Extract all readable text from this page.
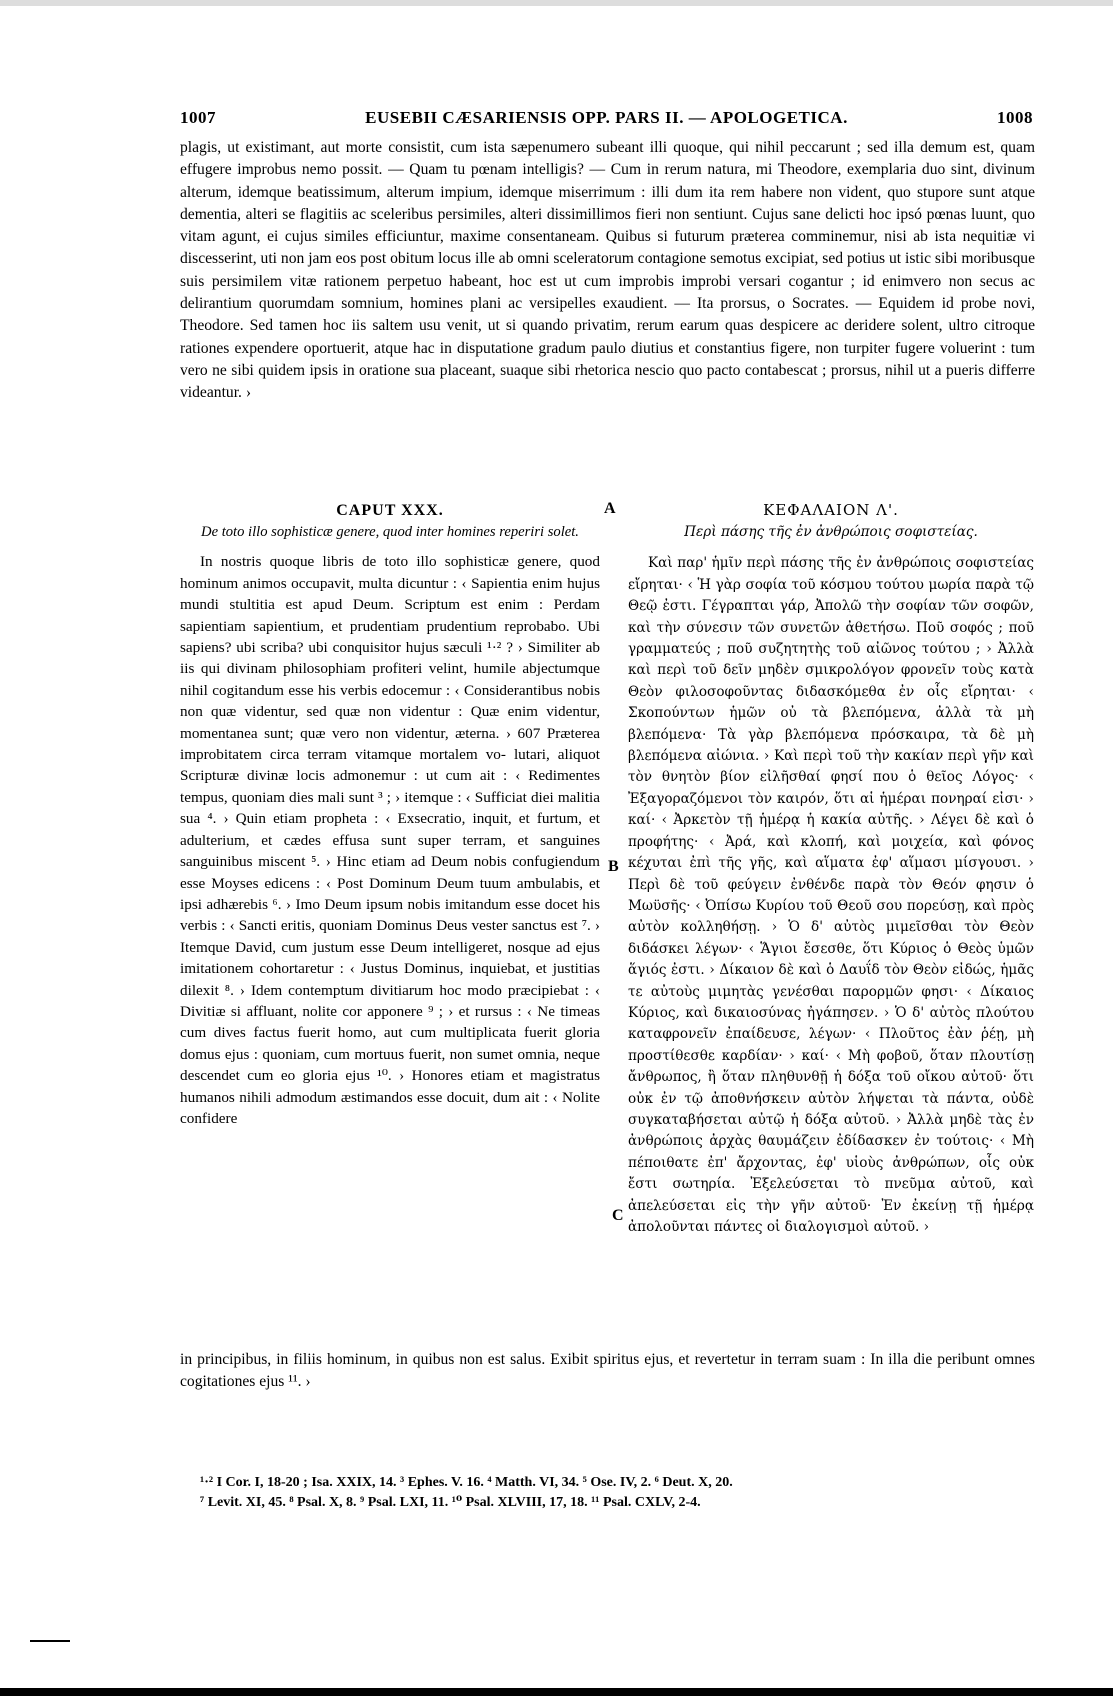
1007	EUSEBII CÆSARIENSIS OPP. PARS II. — APOLOGETICA.	1008

plagis, ut existimant, aut morte consistit, cum ista sæpenumero subeant illi quoque, qui nihil peccarunt ; sed illa demum est, quam effugere improbus nemo possit. — Quam tu pœnam intelligis? — Cum in rerum natura, mi Theodore, exemplaria duo sint, divinum alterum, idemque beatissimum, alterum impium, idemque miserrimum : illi dum ita rem habere non vident, quo stupore sunt atque dementia, alteri se flagitiis ac sceleribus persimiles, alteri dissimillimos fieri non sentiunt. Cujus sane delicti hoc ipsó pœnas luunt, quo vitam agunt, ei cujus similes efficiuntur, maxime consentaneam. Quibus si futurum præterea comminemur, nisi ab ista nequitiæ vi discesserint, uti non jam eos post obitum locus ille ab omni sceleratorum contagione semotus excipiat, sed potius ut istic sibi moribusque suis persimilem vitæ rationem perpetuo habeant, hoc est ut cum improbis improbi versari cogantur ; id enimvero non secus ac delirantium quorumdam somnium, homines plani ac versipelles exaudient. — Ita prorsus, o Socrates. — Equidem id probe novi, Theodore. Sed tamen hoc iis saltem usu venit, ut si quando privatim, rerum earum quas despicere ac deridere solent, ultro citroque rationes expendere oportuerit, atque hac in disputatione gradum paulo diutius et constantius figere, non turpiter fugere voluerint : tum vero ne sibi quidem ipsis in oratione sua placeant, suaque sibi rhetorica nescio quo pacto contabescat ; prorsus, nihil ut a pueris differre videantur. ›

CAPUT XXX.
De toto illo sophisticæ genere, quod inter homines reperiri solet.

In nostris quoque libris de toto illo sophisticæ genere, quod hominum animos occupavit, multa dicuntur : ‹ Sapientia enim hujus mundi stultitia est apud Deum. Scriptum est enim : Perdam sapientiam sapientium, et prudentiam prudentium reprobabo. Ubi sapiens? ubi scriba? ubi conquisitor hujus sæculi ¹·² ? › Similiter ab iis qui divinam philosophiam profiteri velint, humile abjectumque nihil cogitandum esse his verbis edocemur : ‹ Considerantibus nobis non quæ videntur, sed quæ non videntur : Quæ enim videntur, momentanea sunt; quæ vero non videntur, æterna. › 607 Præterea improbitatem circa terram vitamque mortalem vo- lutari, aliquot Scripturæ divinæ locis admonemur : ut cum ait : ‹ Redimentes tempus, quoniam dies mali sunt ³ ; › itemque : ‹ Sufficiat diei malitia sua ⁴. › Quin etiam propheta : ‹ Exsecratio, inquit, et furtum, et adulterium, et cædes effusa sunt super terram, et sanguines sanguinibus miscent ⁵. › Hinc etiam ad Deum nobis confugiendum esse Moyses edicens : ‹ Post Dominum Deum tuum ambulabis, et ipsi adhærebis ⁶. › Imo Deum ipsum nobis imitandum esse docet his verbis : ‹ Sancti eritis, quoniam Dominus Deus vester sanctus est ⁷. › Itemque David, cum justum esse Deum intelligeret, nosque ad ejus imitationem cohortaretur : ‹ Justus Dominus, inquiebat, et justitias dilexit ⁸. › Idem contemptum divitiarum hoc modo præcipiebat : ‹ Divitiæ si affluant, nolite cor apponere ⁹ ; › et rursus : ‹ Ne timeas cum dives factus fuerit homo, aut cum multiplicata fuerit gloria domus ejus : quoniam, cum mortuus fuerit, non sumet omnia, neque descendet cum eo gloria ejus ¹⁰. › Honores etiam et magistratus humanos nihili admodum æstimandos esse docuit, dum ait : ‹ Nolite confidere

ΚΕΦΑΛΑΙΟΝ Λ'.
Περὶ πάσης τῆς ἐν ἀνθρώποις σοφιστείας.

Καὶ παρ' ἡμῖν περὶ πάσης τῆς ἐν ἀνθρώποις σοφιστείας εἴρηται· ‹ Ἡ γὰρ σοφία τοῦ κόσμου τούτου μωρία παρὰ τῷ Θεῷ ἐστι. Γέγραπται γάρ, Ἀπολῶ τὴν σοφίαν τῶν σοφῶν, καὶ τὴν σύνεσιν τῶν συνετῶν ἀθετήσω. Ποῦ σοφός ; ποῦ γραμματεύς ; ποῦ συζητητὴς τοῦ αἰῶνος τούτου ; › Ἀλλὰ καὶ περὶ τοῦ δεῖν μηδὲν σμικρολόγον φρονεῖν τοὺς κατὰ Θεὸν φιλοσοφοῦντας διδασκόμεθα ἐν οἷς εἴρηται· ‹ Σκοπούντων ἡμῶν οὐ τὰ βλεπόμενα, ἀλλὰ τὰ μὴ βλεπόμενα· Τὰ γὰρ βλεπόμενα πρόσκαιρα, τὰ δὲ μὴ βλεπόμενα αἰώνια. › Καὶ περὶ τοῦ τὴν κακίαν περὶ γῆν καὶ τὸν θνητὸν βίον εἰλῆσθαί φησί που ὁ θεῖος Λόγος· ‹ Ἐξαγοραζόμενοι τὸν καιρόν, ὅτι αἱ ἡμέραι πονηραί εἰσι· › καί· ‹ Ἀρκετὸν τῇ ἡμέρᾳ ἡ κακία αὐτῆς. › Λέγει δὲ καὶ ὁ προφήτης· ‹ Ἀρά, καὶ κλοπή, καὶ μοιχεία, καὶ φόνος κέχυται ἐπὶ τῆς γῆς, καὶ αἵματα ἐφ' αἵμασι μίσγουσι. › Περὶ δὲ τοῦ φεύγειν ἐνθένδε παρὰ τὸν Θεόν φησιν ὁ Μωϋσῆς· ‹ Ὀπίσω Κυρίου τοῦ Θεοῦ σου πορεύσῃ, καὶ πρὸς αὐτὸν κολληθήσῃ. › Ὁ δ' αὐτὸς μιμεῖσθαι τὸν Θεὸν διδάσκει λέγων· ‹ Ἅγιοι ἔσεσθε, ὅτι Κύριος ὁ Θεὸς ὑμῶν ἅγιός ἐστι. › Δίκαιον δὲ καὶ ὁ Δαυΐδ τὸν Θεὸν εἰδώς, ἡμᾶς τε αὐτοὺς μιμητὰς γενέσθαι παρορμῶν φησι· ‹ Δίκαιος Κύριος, καὶ δικαιοσύνας ἠγάπησεν. › Ὁ δ' αὐτὸς πλούτου καταφρονεῖν ἐπαίδευσε, λέγων· ‹ Πλοῦτος ἐὰν ῥέῃ, μὴ προστίθεσθε καρδίαν· › καί· ‹ Μὴ φοβοῦ, ὅταν πλουτίσῃ ἄνθρωπος, ἢ ὅταν πληθυνθῇ ἡ δόξα τοῦ οἴκου αὐτοῦ· ὅτι οὐκ ἐν τῷ ἀποθνήσκειν αὐτὸν λήψεται τὰ πάντα, οὐδὲ συγκαταβήσεται αὐτῷ ἡ δόξα αὐτοῦ. › Ἀλλὰ μηδὲ τὰς ἐν ἀνθρώποις ἀρχὰς θαυμάζειν ἐδίδασκεν ἐν τούτοις· ‹ Μὴ πέποιθατε ἐπ' ἄρχοντας, ἐφ' υἱοὺς ἀνθρώπων, οἷς οὐκ ἔστι σωτηρία. Ἐξελεύσεται τὸ πνεῦμα αὐτοῦ, καὶ ἀπελεύσεται εἰς τὴν γῆν αὐτοῦ· Ἐν ἐκείνῃ τῇ ἡμέρᾳ ἀπολοῦνται πάντες οἱ διαλογισμοὶ αὐτοῦ. ›

A
B
C

in principibus, in filiis hominum, in quibus non est salus. Exibit spiritus ejus, et revertetur in terram suam : In illa die peribunt omnes cogitationes ejus ¹¹. ›

¹·² I Cor. I, 18-20 ; Isa. XXIX, 14. ³ Ephes. V. 16. ⁴ Matth. VI, 34. ⁵ Ose. IV, 2. ⁶ Deut. X, 20.

⁷ Levit. XI, 45. ⁸ Psal. X, 8. ⁹ Psal. LXI, 11. ¹⁰ Psal. XLVIII, 17, 18. ¹¹ Psal. CXLV, 2-4.
